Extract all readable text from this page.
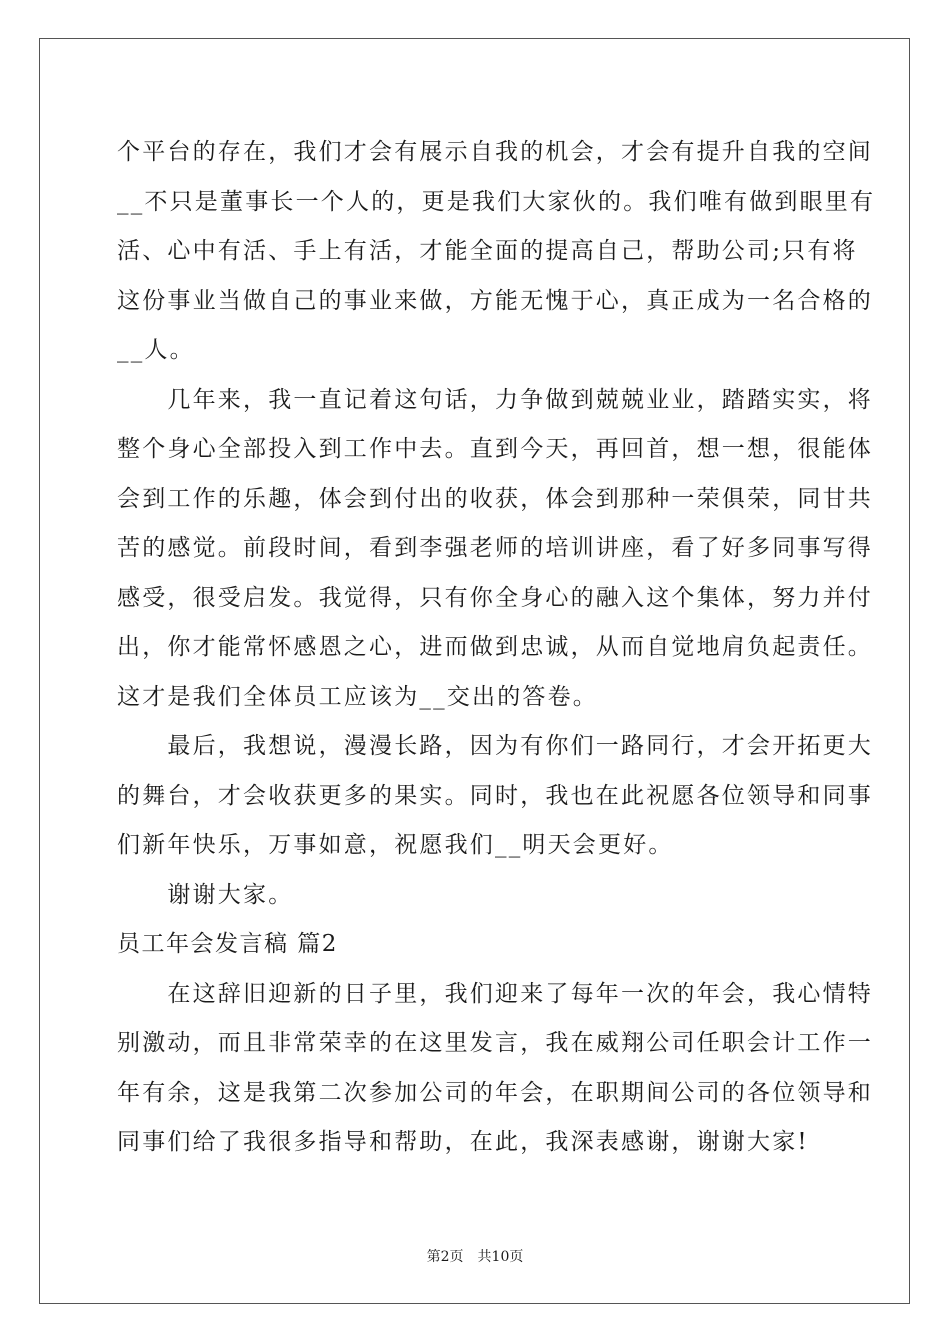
个平台的存在，我们才会有展示自我的机会，才会有提升自我的空间
__不只是董事长一个人的，更是我们大家伙的。我们唯有做到眼里有
活、心中有活、手上有活，才能全面的提高自己，帮助公司;只有将
这份事业当做自己的事业来做，方能无愧于心，真正成为一名合格的
__人。
　　几年来，我一直记着这句话，力争做到兢兢业业，踏踏实实，将
整个身心全部投入到工作中去。直到今天，再回首，想一想，很能体
会到工作的乐趣，体会到付出的收获，体会到那种一荣俱荣，同甘共
苦的感觉。前段时间，看到李强老师的培训讲座，看了好多同事写得
感受，很受启发。我觉得，只有你全身心的融入这个集体，努力并付
出，你才能常怀感恩之心，进而做到忠诚，从而自觉地肩负起责任。
这才是我们全体员工应该为__交出的答卷。
　　最后，我想说，漫漫长路，因为有你们一路同行，才会开拓更大
的舞台，才会收获更多的果实。同时，我也在此祝愿各位领导和同事
们新年快乐，万事如意，祝愿我们__明天会更好。
　　谢谢大家。
员工年会发言稿 篇2
　　在这辞旧迎新的日子里，我们迎来了每年一次的年会，我心情特
别激动，而且非常荣幸的在这里发言，我在威翔公司任职会计工作一
年有余，这是我第二次参加公司的年会，在职期间公司的各位领导和
同事们给了我很多指导和帮助，在此，我深表感谢，谢谢大家!
第2页 共10页
